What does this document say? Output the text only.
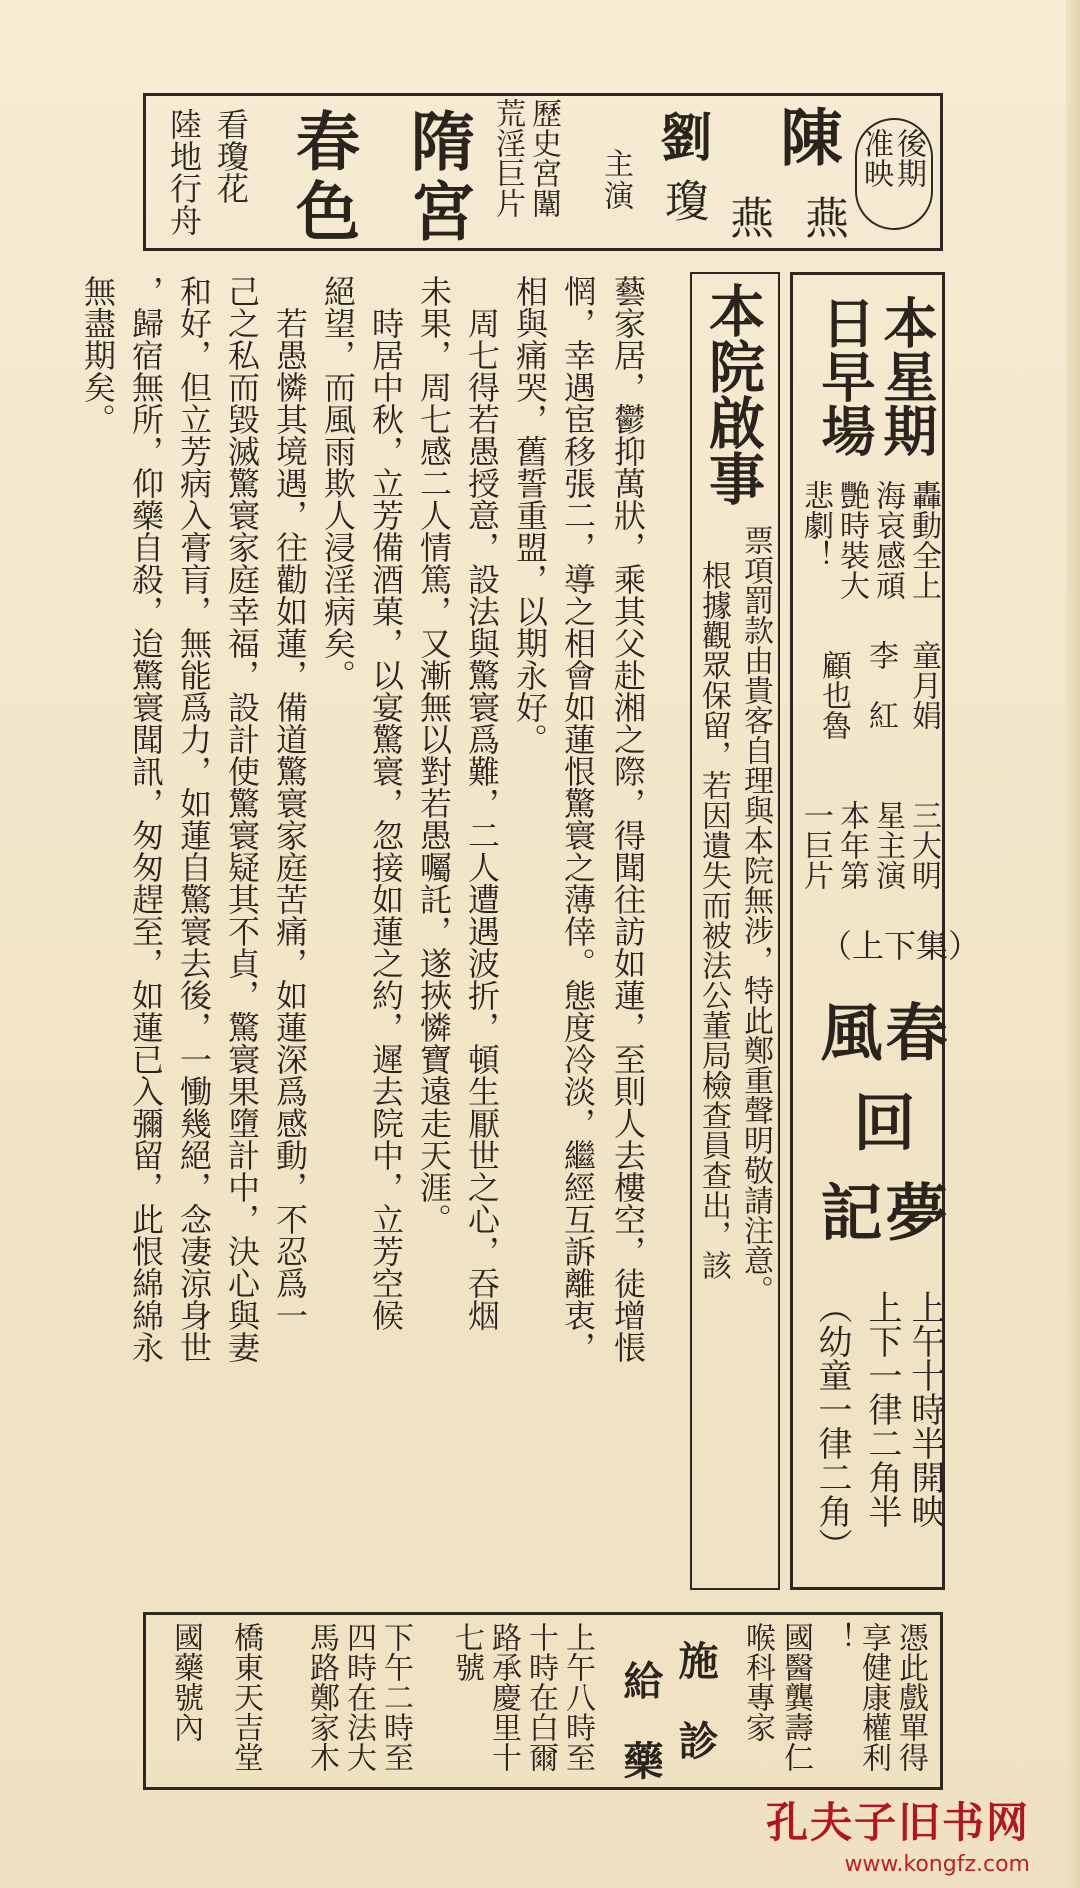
後期
准映
陳
燕
劉
瓊 燕
主
演
歷史宮闈
荒淫巨片
隋
宮
春
色
看瓊花
陸地行舟
本星期
日早場
轟動全上
海哀感頑
艷時裝大
悲劇！
童月娟
李　紅
顧也魯
三大明
星主演
本年第
一巨片
（上下集）
春
風
回
夢
記
上午十時半開映
上下一律二角半
（幼童一律二角）
本院啟事
票項罰款由貴客自理與本院無涉，特此鄭重聲明敬請注意。
根據觀眾保留，若因遺失而被法公董局檢查員查出，該
藝家居，鬱抑萬狀，乘其父赴湘之際，得聞往訪如蓮，至則人去樓空，徒增悵
惘，幸遇宦移張二，導之相會如蓮恨驚寰之薄倖。態度冷淡，繼經互訴離衷，
相與痛哭，舊誓重盟，以期永好。
　周七得若愚授意，設法與驚寰爲難，二人遭遇波折，頓生厭世之心，吞烟
未果，周七感二人情篤，又漸無以對若愚囑託，遂挾憐寶遠走天涯。
　時居中秋，立芳備酒菓，以宴驚寰，忽接如蓮之約，遲去院中，立芳空候
絕望，而風雨欺人浸淫病矣。
　若愚憐其境遇，往勸如蓮，備道驚寰家庭苦痛，如蓮深爲感動，不忍爲一
己之私而毀滅驚寰家庭幸福，設計使驚寰疑其不貞，驚寰果墮計中，決心與妻
和好，但立芳病入膏肓，無能爲力，如蓮自驚寰去後，一慟幾絕，念凄涼身世
，歸宿無所，仰藥自殺，迨驚寰聞訊，匆匆趕至，如蓮已入彌留，此恨綿綿永
無盡期矣。
憑此戲單得
享健康權利
！
國醫龔壽仁
喉科專家
施　診
給　藥
上午八時至
十時在白爾
路承慶里十
七號
下午二時至
四時在法大
馬路鄭家木
橋東天吉堂
國藥號內
孔夫子旧书网
www.kongfz.com
